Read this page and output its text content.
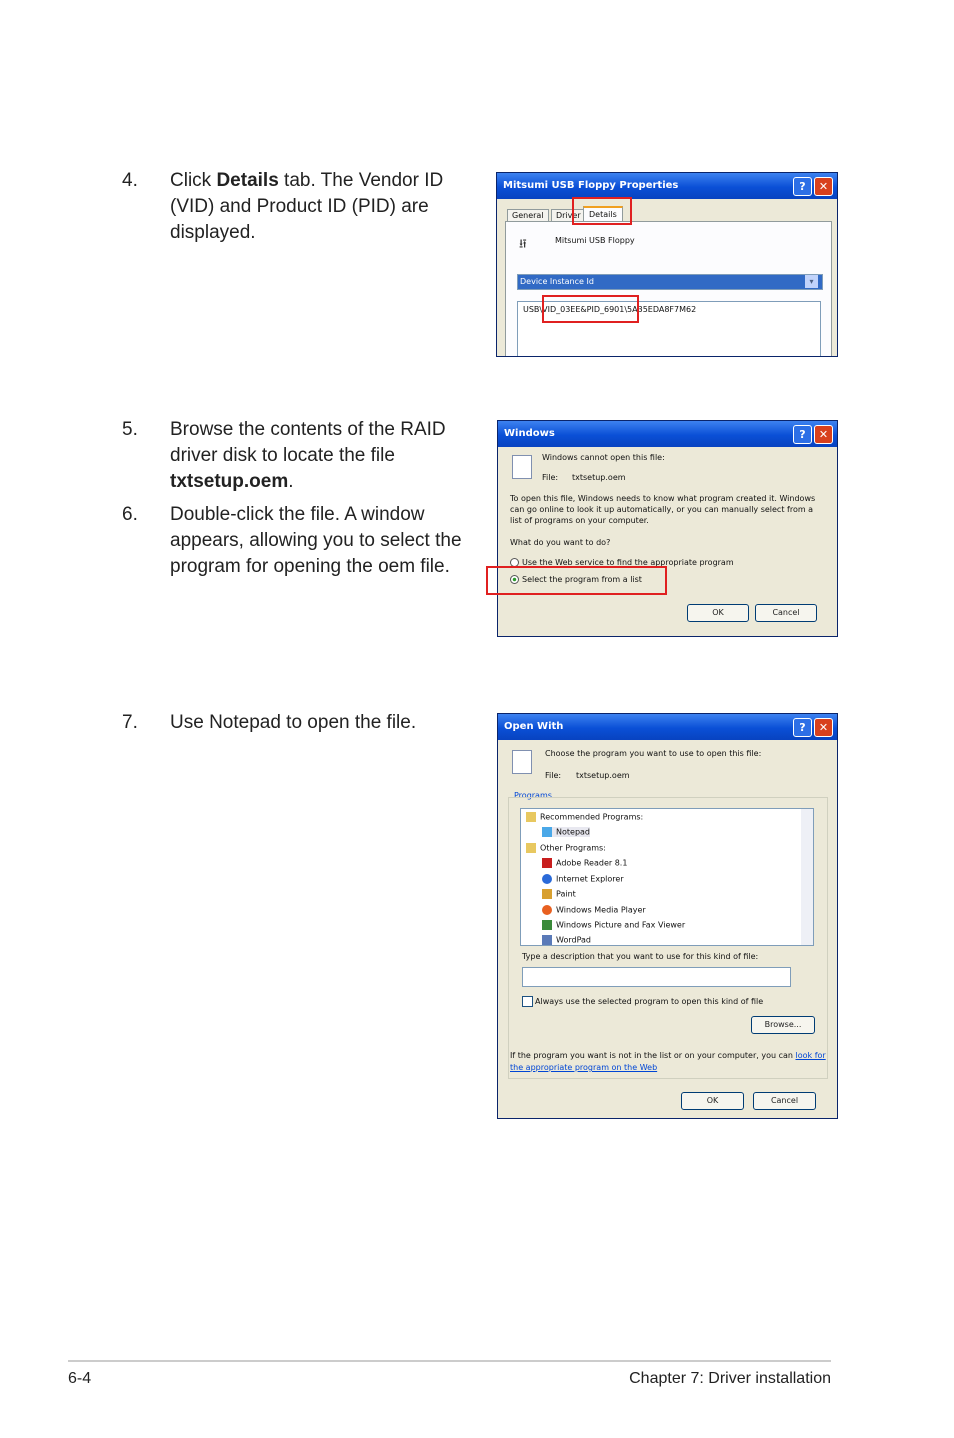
4. Click Details tab. The Vendor ID (VID) and Product ID (PID) are displayed.
5. Browse the contents of the RAID driver disk to locate the file txtsetup.oem.
6. Double-click the file. A window appears, allowing you to select the program for opening the oem file.
7. Use Notepad to open the file.
Mitsumi USB Floppy Properties	?	✕
General	Driver	Details
⭿	Mitsumi USB Floppy
Device Instance Id	▾
USB\VID_03EE&PID_6901\5A35EDA8F7M62
Windows	?	✕
Windows cannot open this file:
File: txtsetup.oem
To open this file, Windows needs to know what program created it. Windows can go online to look it up automatically, or you can manually select from a list of programs on your computer.
What do you want to do?
Use the Web service to find the appropriate program
Select the program from a list
OK	Cancel
Open With	?	✕
Choose the program you want to use to open this file:
File: txtsetup.oem
Programs
Recommended Programs:
Notepad
Other Programs:
Adobe Reader 8.1
Internet Explorer
Paint
Windows Media Player
Windows Picture and Fax Viewer
WordPad
Type a description that you want to use for this kind of file:
Always use the selected program to open this kind of file
Browse...
If the program you want is not in the list or on your computer, you can look for the appropriate program on the Web
OK	Cancel
6-4	Chapter 7: Driver installation
